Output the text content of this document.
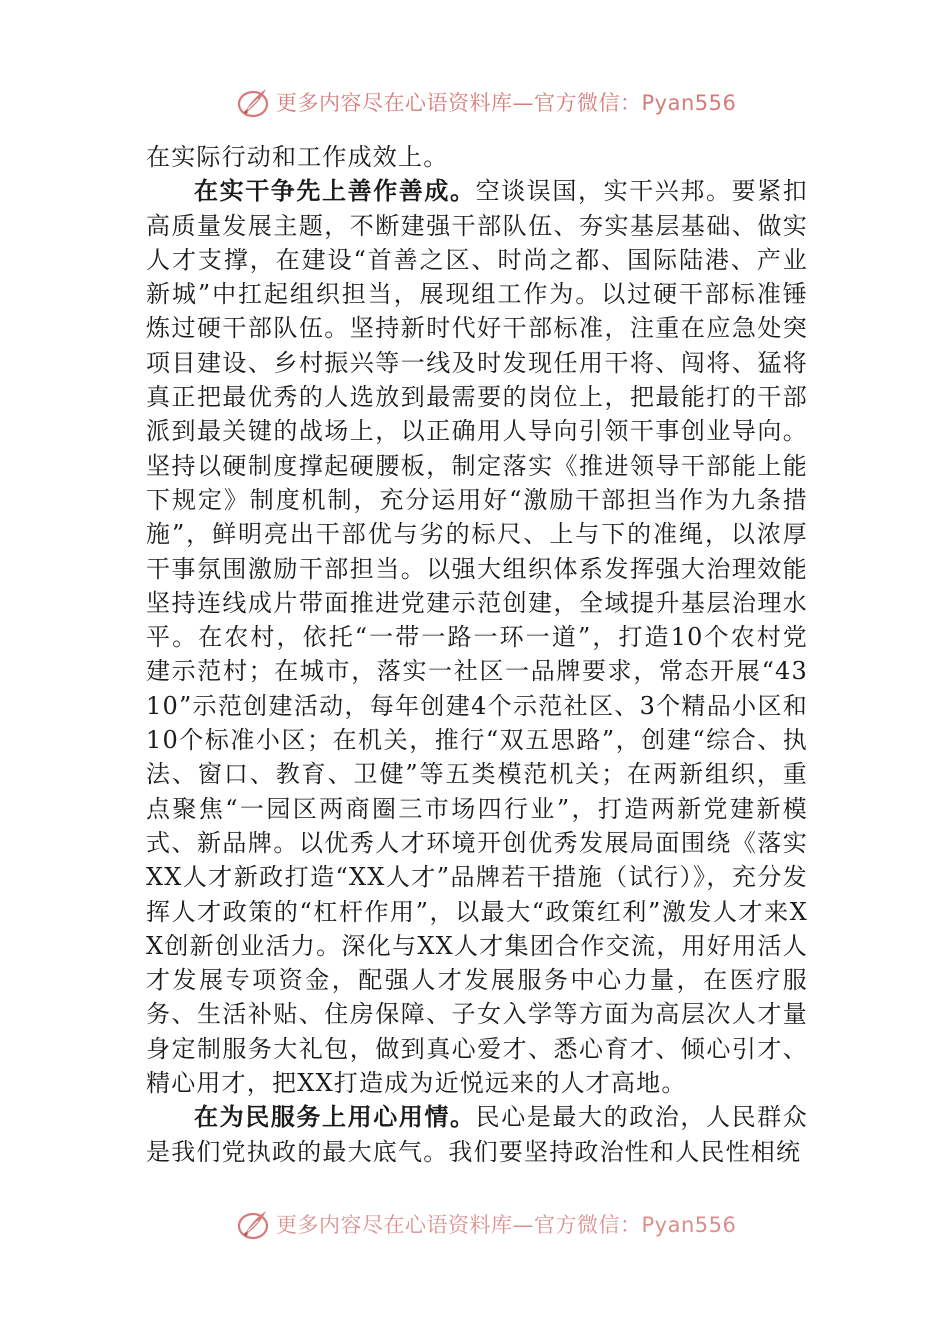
更多内容尽在心语资料库—官方微信：Pyan556

在实际行动和工作成效上。

在实干争先上善作善成。空谈误国，实干兴邦。要紧扣高质量发展主题，不断建强干部队伍、夯实基层基础、做实人才支撑，在建设“首善之区、时尚之都、国际陆港、产业新城”中扛起组织担当，展现组工作为。以过硬干部标准锤炼过硬干部队伍。坚持新时代好干部标准，注重在应急处突项目建设、乡村振兴等一线及时发现任用干将、闯将、猛将真正把最优秀的人选放到最需要的岗位上，把最能打的干部派到最关键的战场上，以正确用人导向引领干事创业导向。坚持以硬制度撑起硬腰板，制定落实《推进领导干部能上能下规定》制度机制，充分运用好“激励干部担当作为九条措施”，鲜明亮出干部优与劣的标尺、上与下的准绳，以浓厚干事氛围激励干部担当。以强大组织体系发挥强大治理效能坚持连线成片带面推进党建示范创建，全域提升基层治理水平。在农村，依托“一带一路一环一道”，打造10个农村党建示范村；在城市，落实一社区一品牌要求，常态开展“4310”示范创建活动，每年创建4个示范社区、3个精品小区和10个标准小区；在机关，推行“双五思路”，创建“综合、执法、窗口、教育、卫健”等五类模范机关；在两新组织，重点聚焦“一园区两商圈三市场四行业”，打造两新党建新模式、新品牌。以优秀人才环境开创优秀发展局面围绕《落实XX人才新政打造“XX人才”品牌若干措施（试行）》，充分发挥人才政策的“杠杆作用”，以最大“政策红利”激发人才来XX创新创业活力。深化与XX人才集团合作交流，用好用活人才发展专项资金，配强人才发展服务中心力量，在医疗服务、生活补贴、住房保障、子女入学等方面为高层次人才量身定制服务大礼包，做到真心爱才、悉心育才、倾心引才、精心用才，把XX打造成为近悦远来的人才高地。

在为民服务上用心用情。民心是最大的政治，人民群众是我们党执政的最大底气。我们要坚持政治性和人民性相统

更多内容尽在心语资料库—官方微信：Pyan556
